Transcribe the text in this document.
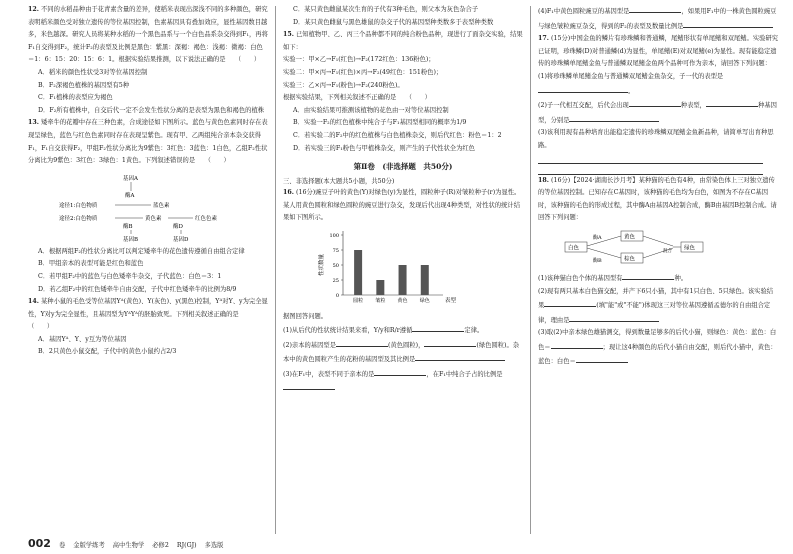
12. 不同的水稻品种由于花青素含量的差异，使稻米表现出深浅不同的多种颜色，研究表明稻米颜色受对独立遗传的等位基因控制，色素基因具有叠加效应，显性基因数目越多，米色越深。研究人员将某种水稻的一个黑色品系与一个白色品系杂交得到F₁，再将F₁自交得到F₂，统计F₂的表型及比例是黑色：紫黑：深褐：褐色：浅褐：微褐：白色＝1：6：15：20：15：6：1。根据实验结果推测，以下说法正确的是　　（　　）

A．稻米的颜色性状受3对等位基因控制

B．F₂深褐色植株的基因型有5种

C．F₁植株的表型应为褐色

D．F₂所有植株中，自交后代一定不会发生性状分离的是表型为黑色和褐色的植株

13. 矮牵牛的花瓣中存在三种色素，合成途径如下图所示。蓝色与黄色色素同时存在表现呈绿色，蓝色与红色色素同时存在表现呈紫色。现有甲、乙两组纯合亲本杂交获得F₁，F₁自交获得F₂，甲组F₂性状分离比为9紫色：3红色：3蓝色：1白色，乙组F₂性状分离比为9紫色：3红色：3绿色：1黄色。下列叙述错误的是　　（　　）

基因A
酶A
途径1:白色物质	蓝色素
途径2:白色物质	黄色素	红色色素
酶B	酶D
基因B	基因D

A．根据两组F₂的性状分离比可以判定矮牵牛的花色遗传遵循自由组合定律

B．甲组亲本的表型可能是红色和蓝色

C．若甲组F₂中的蓝色与白色矮牵牛杂交，子代蓝色：白色＝3：1

D．若乙组F₂中的红色矮牵牛自由交配，子代中红色矮牵牛的比例为8/9

14. 某种小鼠的毛色受等位基因Yᴬ(黄色)、Y(灰色)、y(黑色)控制，Yᴬ对Y、y为完全显性，Y对y为完全显性，且基因型为YᴬYᴬ的胚胎致死。下列相关叙述正确的是　　（　　）

A．基因Yᴬ、Y、y互为等位基因

B．2只黄色小鼠交配，子代中的黄色小鼠约占2/3

C．某只黄色雌鼠某次生育的子代有3种毛色，则父本为灰色杂合子

D．某只黄色雌鼠与黑色雄鼠的杂交子代的基因型种类数多于表型种类数

15. 已知植物甲、乙、丙三个品种都不同的纯合粉色品种，现进行了面杂交实验，结果如下：

实验一：甲×乙→F₁(红色)→F₂(172红色：136粉色)；

实验二：甲×丙→F₁(红色)×丙→F₂(49红色：151粉色)；

实验三：乙×丙→F₁(粉色)→F₂(240粉色)。

根据实验结果，下列相关叙述不正确的是　　（　　）

A．由实验结果可推测该植物的花色由一对等位基因控制

B．实验一F₂的红色植株中纯合子与F₁基因型相同的概率为1/9

C．若实验二的F₂中的红色植株与白色植株杂交，则后代红色：粉色＝1：2

D．若实验三的F₁粉色与甲植株杂交，则产生的子代性状全为红色

第Ⅱ卷　(非选择题　共50分)
三、非选择题(本大题共5小题，共50分)

16. (16分)豌豆子叶的黄色(Y)对绿色(y)为显性，圆粒种子(R)对皱粒种子(r)为显性。某人用黄色圆粒和绿色圆粒的豌豆进行杂交，发现后代出现4种类型，对性状的统计结果如下图所示。

0
25
50
75
100
性状数量
圆粒 皱粒 黄色 绿色	表型

据图回答问题。

(1)从后代的性状统计结果来看，Y/y和R/r遵循	定律。

(2)亲本的基因型是	(黄色圆粒)，	(绿色圆粒)。杂本中的黄色圆粒产生的花粉的基因型及其比例是

(3)在F₁中，表型不同于亲本的是	，在F₁中纯合子占的比例是

(4)F₁中黄色圆粒豌豆的基因型是	，如果用F₁中的一株黄色圆粒豌豆与绿色皱粒豌豆杂交，得到的F₂的表型及数量比例是

17. (15分)中国金鱼的鳞片有珍珠鳞和普通鳞，尾鳍形状有单尾鳍和双尾鳍。实验研究已证明，珍珠鳞(D)对普通鳞(d)为显性，单尾鳍(E)对双尾鳍(e)为显性。现有能稳定遗传的珍珠鳞单尾鳍金鱼与普通鳞双尾鳍金鱼两个品种可作为亲本，请回答下列问题：

(1)将珍珠鳞单尾鳍金鱼与普通鳞双尾鳍金鱼杂交，子一代的表型是。

(2)子一代相互交配，后代会出现	种表型，	种基因型，分别是

(3)该利用现有品种培育出能稳定遗传的珍珠鳞双尾鳍金鱼新品种，请简单写出育种思路。

18. (16分)【2024·湖南长沙月考】某种猫的毛色有4种，由常染色体上三对独立遗传的等位基因控制。已知存在C基因时，该种猫的毛色均为白色，如图为不存在C基因时，该种猫的毛色的形成过程，其中酶A由基因A控制合成，酶B由基因B控制合成。请回答下列问题：

白色
酶A
酶B
黄色
棕色
混合 绿色

(1)该种猫白色个体的基因型有	种。

(2)现有两只基本白色猫交配，并产下6只小猫，其中有1只白色、5只绿色。该实验结果	(填"能"或"不能")体现这三对等位基因遵循孟德尔的自由组合定律，理由是

(3)取(2)中亲本绿色雄猫测交，得到数量足够多的后代小猫，则绿色：黄色：蓝色：白色＝	；现让这4种颜色的后代小猫自由交配，则后代小猫中，黄色：蓝色：白色＝

002 卷 金版学练考 高中生物学 必修2 RJ(GJ) 多选版
